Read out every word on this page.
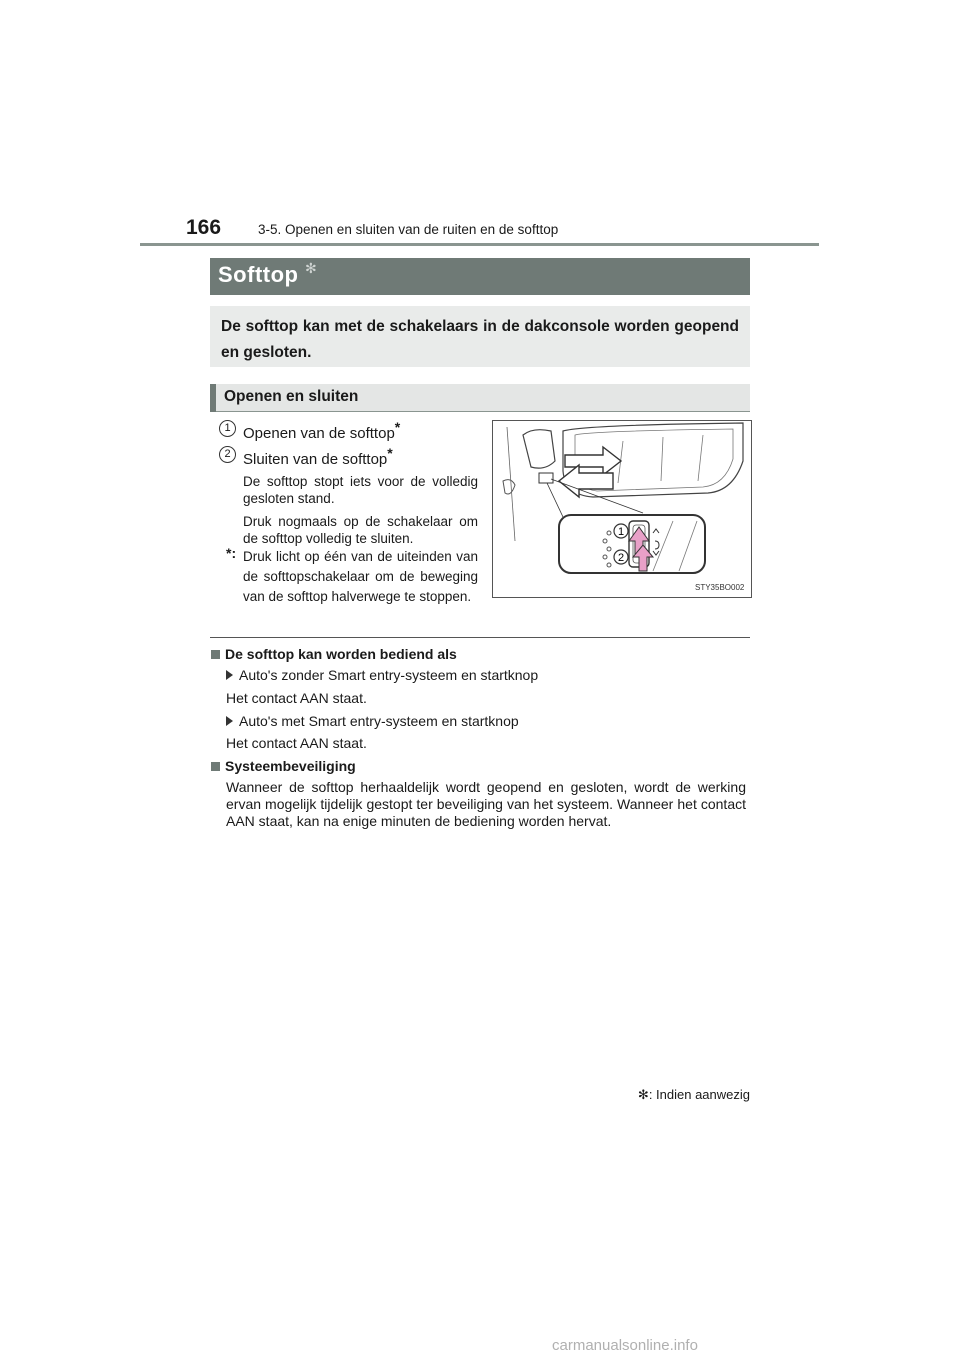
166	3-5. Openen en sluiten van de ruiten en de softtop
Softtop ✻
De softtop kan met de schakelaars in de dakconsole worden geopend en gesloten.
Openen en sluiten
1 Openen van de softtop*
2 Sluiten van de softtop*
De softtop stopt iets voor de volledig gesloten stand.
Druk nogmaals op de schakelaar om de softtop volledig te sluiten.
*: Druk licht op één van de uiteinden van de softtopschakelaar om de beweging van de softtop halverwege te stoppen.
1
2
STY35BO002
De softtop kan worden bediend als
Auto's zonder Smart entry-systeem en startknop
Het contact AAN staat.
Auto's met Smart entry-systeem en startknop
Het contact AAN staat.
Systeembeveiliging
Wanneer de softtop herhaaldelijk wordt geopend en gesloten, wordt de werking ervan mogelijk tijdelijk gestopt ter beveiliging van het systeem. Wanneer het contact AAN staat, kan na enige minuten de bediening worden hervat.
✻: Indien aanwezig
carmanualsonline.info
